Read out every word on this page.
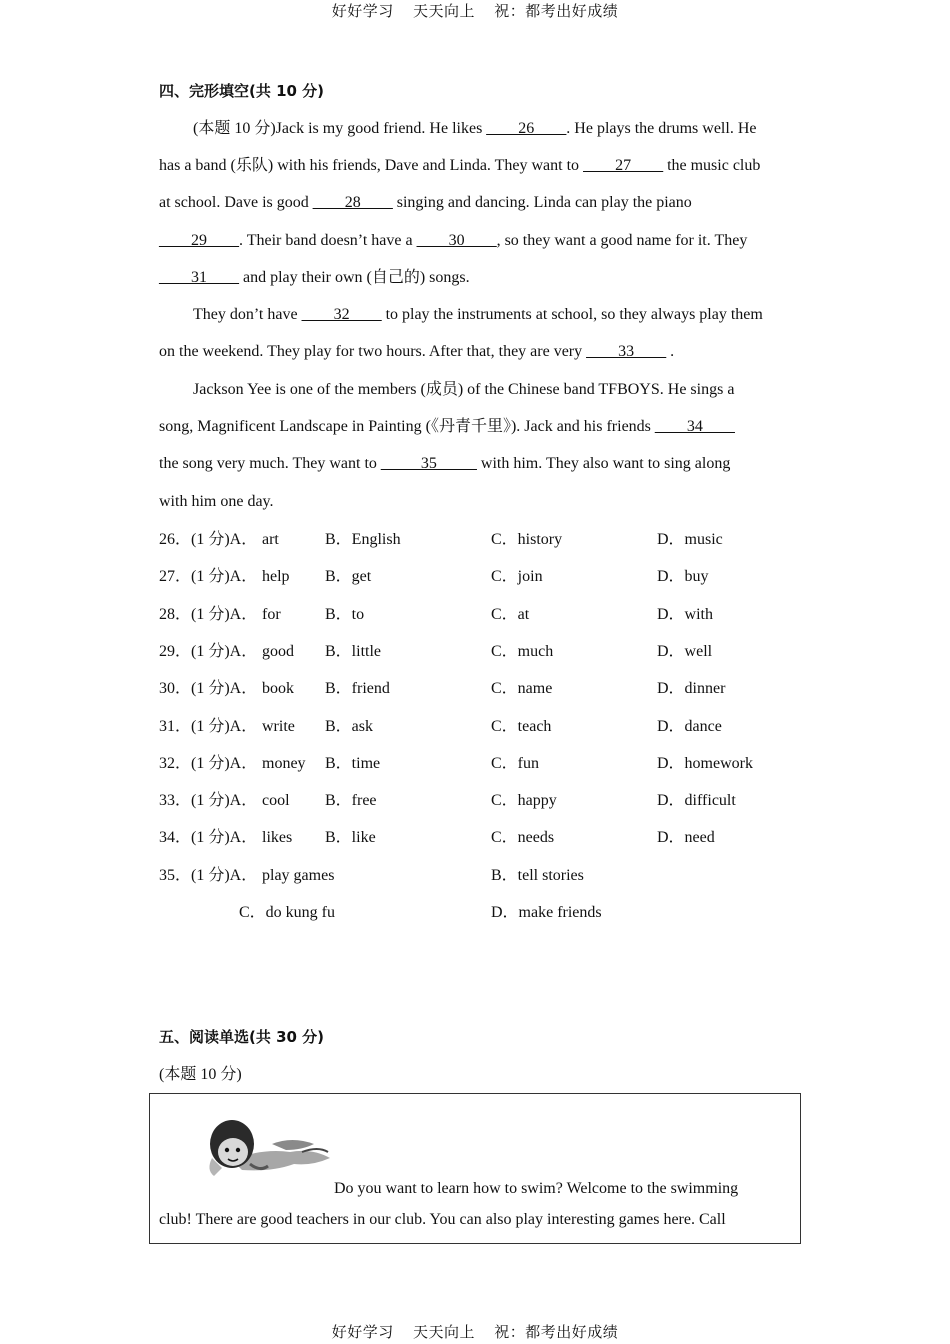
好好学习 天天向上 祝：都考出好成绩
四、完形填空(共 10 分)
(本题 10 分)Jack is my good friend. He likes ____26____. He plays the drums well. He
has a band (乐队) with his friends, Dave and Linda. They want to ____27____ the music club
at school. Dave is good ____28____ singing and dancing. Linda can play the piano
____29____. Their band doesn’t have a ____30____, so they want a good name for it. They
____31____ and play their own (自己的) songs.
They don’t have ____32____ to play the instruments at school, so they always play them
on the weekend. They play for two hours. After that, they are very ____33____ .
Jackson Yee is one of the members (成员) of the Chinese band TFBOYS. He sings a
song, Magnificent Landscape in Painting (《丹青千里》). Jack and his friends ____34____
the song very much. They want to _____35_____ with him. They also want to sing along
with him one day.
26．(1 分)A． art	B．English	C．history	D．music
27．(1 分)A． help B．get	C．join	D．buy
28．(1 分)A． for	B．to	C．at	D．with
29．(1 分)A． good B．little	C．much	D．well
30．(1 分)A． book B．friend	C．name	D．dinner
31．(1 分)A． write B．ask	C．teach	D．dance
32．(1 分)A． money B．time	C．fun	D．homework
33．(1 分)A． cool B．free	C．happy	D．difficult
34．(1 分)A． likes B．like	C．needs	D．need
35．(1 分)A． play games	B．tell stories
C．do kung fu	D．make friends
五、阅读单选(共 30 分)
(本题 10 分)
Do you want to learn how to swim? Welcome to the swimming
club! There are good teachers in our club. You can also play interesting games here. Call
好好学习 天天向上 祝：都考出好成绩
